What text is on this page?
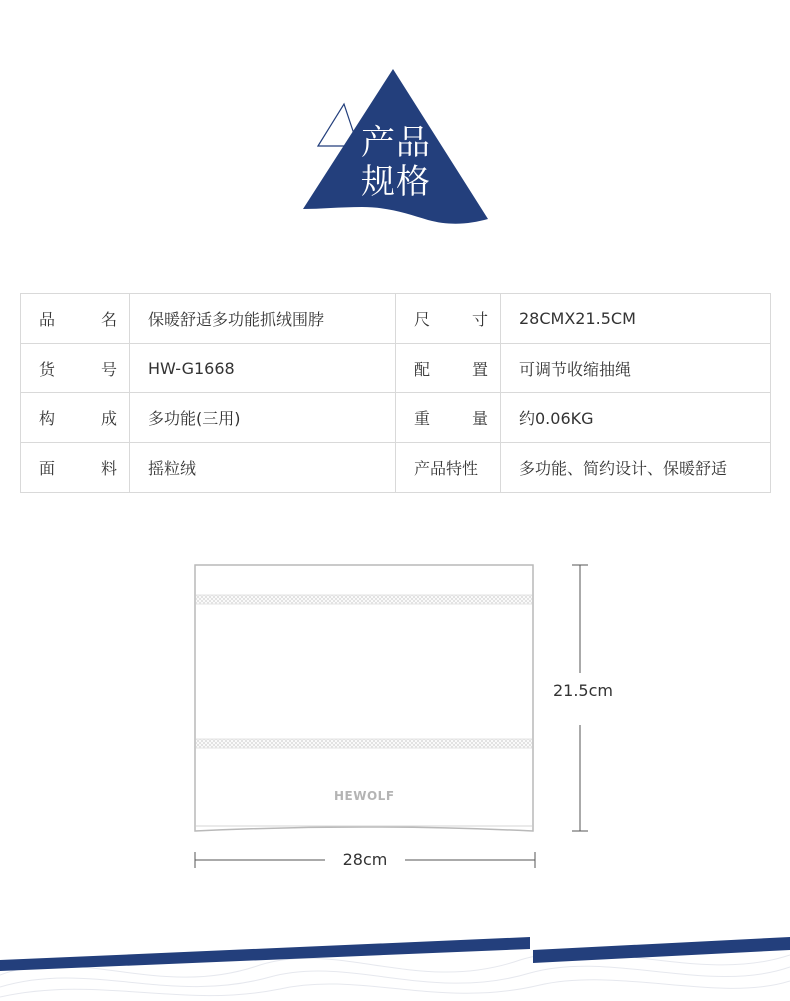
产品
规格
品 名	保暖舒适多功能抓绒围脖	尺 寸	28CMX21.5CM

货 号	HW-G1668	配 置	可调节收缩抽绳

构 成	多功能(三用)	重 量	约0.06KG

面 料	摇粒绒	产品特性	多功能、简约设计、保暖舒适
HEWOLF
21.5cm
28cm
